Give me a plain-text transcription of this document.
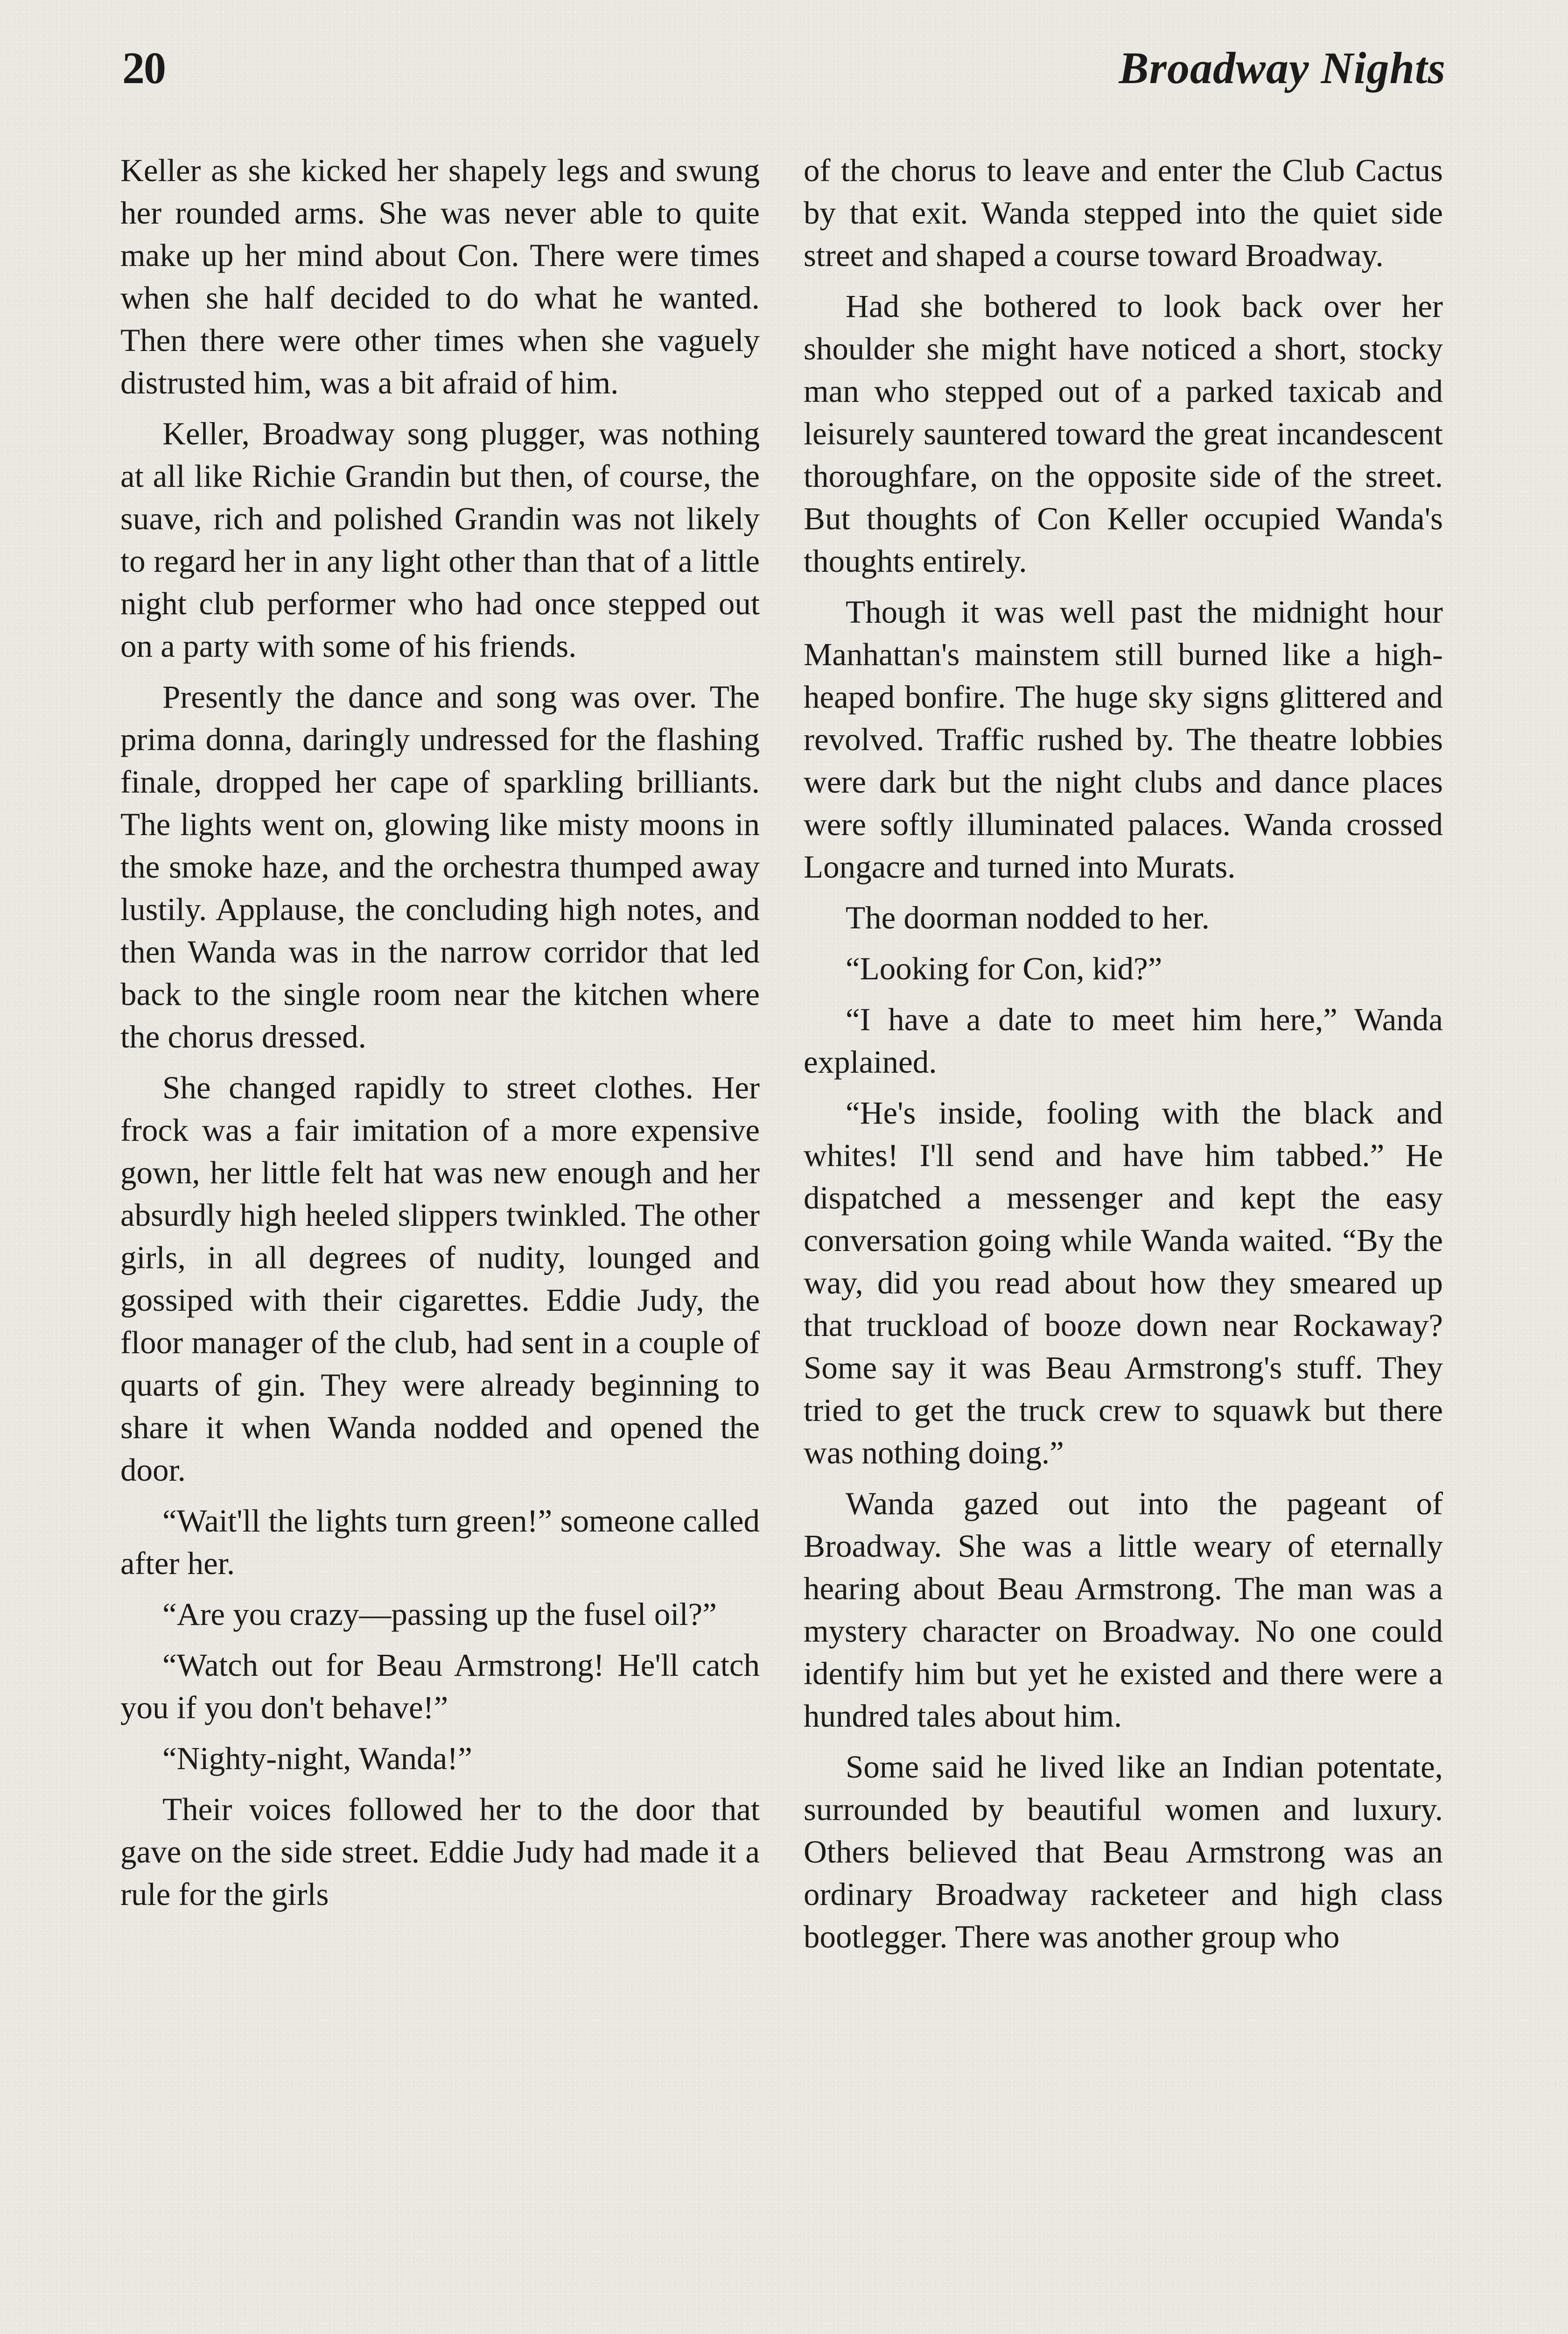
20	Broadway Nights

Keller as she kicked her shapely legs and swung her rounded arms. She was never able to quite make up her mind about Con. There were times when she half decided to do what he wanted. Then there were other times when she vaguely distrusted him, was a bit afraid of him.

Keller, Broadway song plugger, was nothing at all like Richie Grandin but then, of course, the suave, rich and polished Grandin was not likely to regard her in any light other than that of a little night club performer who had once stepped out on a party with some of his friends.

Presently the dance and song was over. The prima donna, daringly undressed for the flashing finale, dropped her cape of sparkling brilliants. The lights went on, glowing like misty moons in the smoke haze, and the orchestra thumped away lustily. Applause, the concluding high notes, and then Wanda was in the narrow corridor that led back to the single room near the kitchen where the chorus dressed.

She changed rapidly to street clothes. Her frock was a fair imitation of a more expensive gown, her little felt hat was new enough and her absurdly high heeled slippers twinkled. The other girls, in all degrees of nudity, lounged and gossiped with their cigarettes. Eddie Judy, the floor manager of the club, had sent in a couple of quarts of gin. They were already beginning to share it when Wanda nodded and opened the door.

“Wait'll the lights turn green!” someone called after her.

“Are you crazy—passing up the fusel oil?”

“Watch out for Beau Armstrong! He'll catch you if you don't behave!”

“Nighty-night, Wanda!”

Their voices followed her to the door that gave on the side street. Eddie Judy had made it a rule for the girls

of the chorus to leave and enter the Club Cactus by that exit. Wanda stepped into the quiet side street and shaped a course toward Broadway.

Had she bothered to look back over her shoulder she might have noticed a short, stocky man who stepped out of a parked taxicab and leisurely sauntered toward the great incandescent thoroughfare, on the opposite side of the street. But thoughts of Con Keller occupied Wanda's thoughts entirely.

Though it was well past the midnight hour Manhattan's mainstem still burned like a high-heaped bonfire. The huge sky signs glittered and revolved. Traffic rushed by. The theatre lobbies were dark but the night clubs and dance places were softly illuminated palaces. Wanda crossed Longacre and turned into Murats.

The doorman nodded to her.

“Looking for Con, kid?”

“I have a date to meet him here,” Wanda explained.

“He's inside, fooling with the black and whites! I'll send and have him tabbed.” He dispatched a messenger and kept the easy conversation going while Wanda waited. “By the way, did you read about how they smeared up that truckload of booze down near Rockaway? Some say it was Beau Armstrong's stuff. They tried to get the truck crew to squawk but there was nothing doing.”

Wanda gazed out into the pageant of Broadway. She was a little weary of eternally hearing about Beau Armstrong. The man was a mystery character on Broadway. No one could identify him but yet he existed and there were a hundred tales about him.

Some said he lived like an Indian potentate, surrounded by beautiful women and luxury. Others believed that Beau Armstrong was an ordinary Broadway racketeer and high class bootlegger. There was another group who
